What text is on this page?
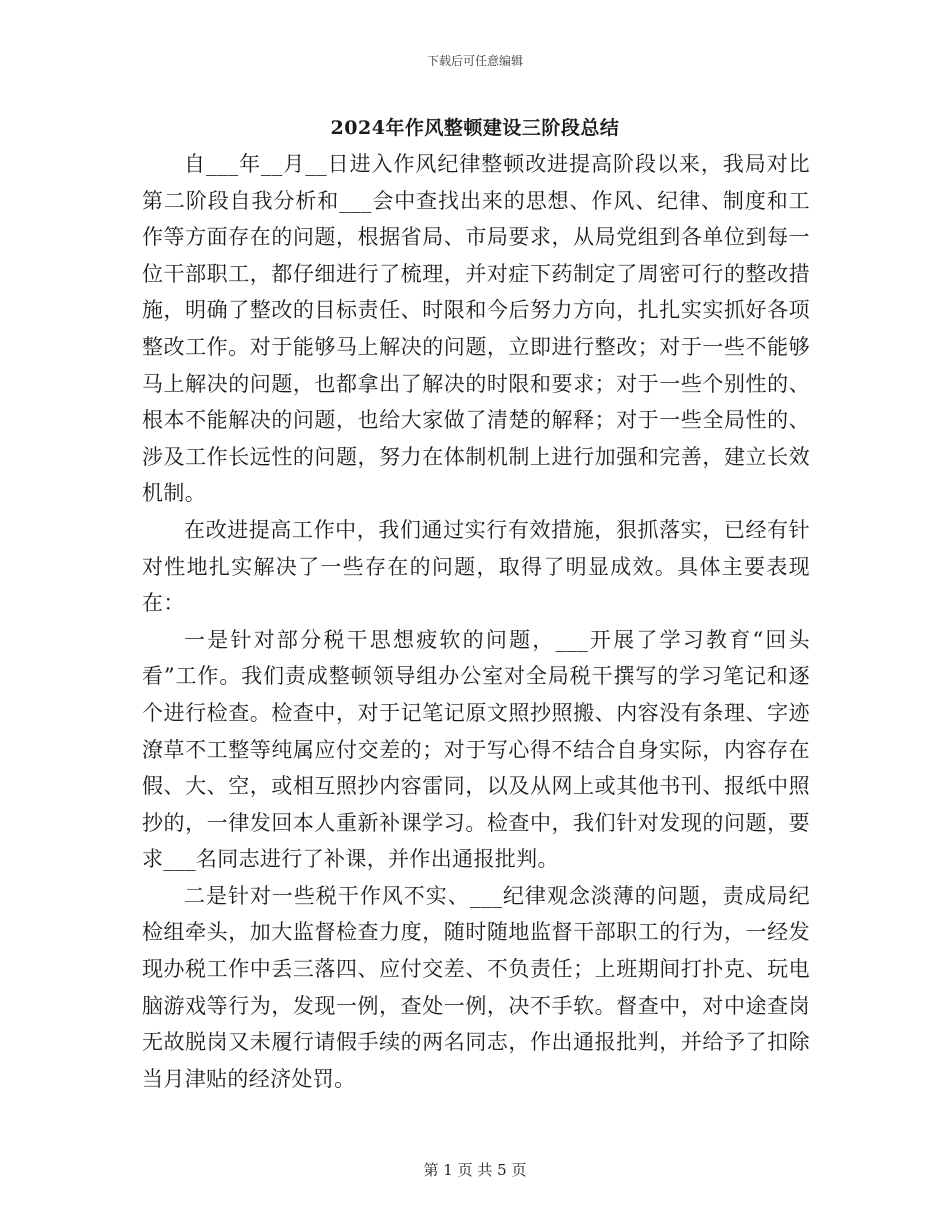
下载后可任意编辑
2024年作风整顿建设三阶段总结

自___年__月__日进入作风纪律整顿改进提高阶段以来，我局对比第二阶段自我分析和___会中查找出来的思想、作风、纪律、制度和工作等方面存在的问题，根据省局、市局要求，从局党组到各单位到每一位干部职工，都仔细进行了梳理，并对症下药制定了周密可行的整改措施，明确了整改的目标责任、时限和今后努力方向，扎扎实实抓好各项整改工作。对于能够马上解决的问题，立即进行整改；对于一些不能够马上解决的问题，也都拿出了解决的时限和要求；对于一些个别性的、根本不能解决的问题，也给大家做了清楚的解释；对于一些全局性的、涉及工作长远性的问题，努力在体制机制上进行加强和完善，建立长效机制。

在改进提高工作中，我们通过实行有效措施，狠抓落实，已经有针对性地扎实解决了一些存在的问题，取得了明显成效。具体主要表现在：

一是针对部分税干思想疲软的问题，___开展了学习教育“回头看”工作。我们责成整顿领导组办公室对全局税干撰写的学习笔记和逐个进行检查。检查中，对于记笔记原文照抄照搬、内容没有条理、字迹潦草不工整等纯属应付交差的；对于写心得不结合自身实际，内容存在假、大、空，或相互照抄内容雷同，以及从网上或其他书刊、报纸中照抄的，一律发回本人重新补课学习。检查中，我们针对发现的问题，要求___名同志进行了补课，并作出通报批判。

二是针对一些税干作风不实、___纪律观念淡薄的问题，责成局纪检组牵头，加大监督检查力度，随时随地监督干部职工的行为，一经发现办税工作中丢三落四、应付交差、不负责任；上班期间打扑克、玩电脑游戏等行为，发现一例，查处一例，决不手软。督查中，对中途查岗无故脱岗又未履行请假手续的两名同志，作出通报批判，并给予了扣除当月津贴的经济处罚。

第 1 页 共 5 页
